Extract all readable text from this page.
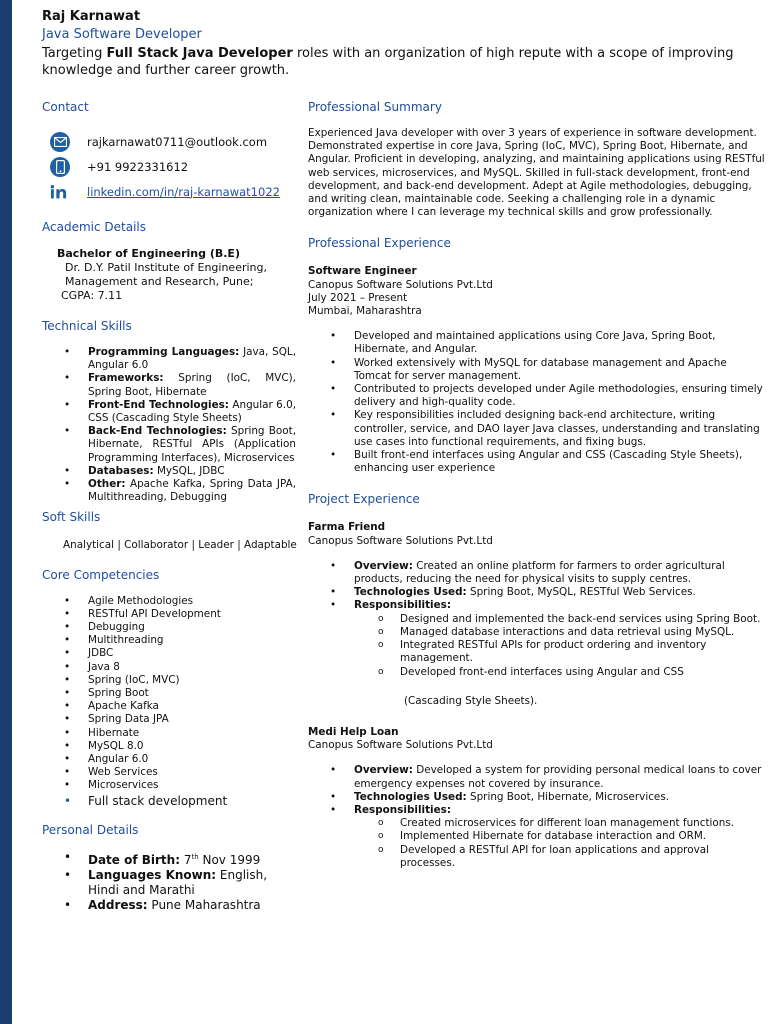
Raj Karnawat
Java Software Developer
Targeting Full Stack Java Developer roles with an organization of high repute with a scope of improving knowledge and further career growth.
Contact
rajkarnawat0711@outlook.com
+91 9922331612
linkedin.com/in/raj-karnawat1022
Academic Details
Bachelor of Engineering (B.E)
Dr. D.Y. Patil Institute of Engineering,
Management and Research, Pune;
CGPA: 7.11
Technical Skills
• Programming Languages: Java, SQL, Angular 6.0
• Frameworks: Spring (IoC, MVC), Spring Boot, Hibernate
• Front-End Technologies: Angular 6.0, CSS (Cascading Style Sheets)
• Back-End Technologies: Spring Boot, Hibernate, RESTful APIs (Application Programming Interfaces), Microservices
• Databases: MySQL, JDBC
• Other: Apache Kafka, Spring Data JPA, Multithreading, Debugging
Soft Skills
Analytical | Collaborator | Leader | Adaptable
Core Competencies
• Agile Methodologies
• RESTful API Development
• Debugging
• Multithreading
• JDBC
• Java 8
• Spring (IoC, MVC)
• Spring Boot
• Apache Kafka
• Spring Data JPA
• Hibernate
• MySQL 8.0
• Angular 6.0
• Web Services
• Microservices
• Full stack development
Personal Details
• Date of Birth: 7th Nov 1999
• Languages Known: English, Hindi and Marathi
• Address: Pune Maharashtra
Professional Summary
Experienced Java developer with over 3 years of experience in software development. Demonstrated expertise in core Java, Spring (IoC, MVC), Spring Boot, Hibernate, and Angular. Proficient in developing, analyzing, and maintaining applications using RESTful web services, microservices, and MySQL. Skilled in full-stack development, front-end development, and back-end development. Adept at Agile methodologies, debugging, and writing clean, maintainable code. Seeking a challenging role in a dynamic organization where I can leverage my technical skills and grow professionally.
Professional Experience
Software Engineer
Canopus Software Solutions Pvt.Ltd
July 2021 – Present
Mumbai, Maharashtra
• Developed and maintained applications using Core Java, Spring Boot, Hibernate, and Angular.
• Worked extensively with MySQL for database management and Apache Tomcat for server management.
• Contributed to projects developed under Agile methodologies, ensuring timely delivery and high-quality code.
• Key responsibilities included designing back-end architecture, writing controller, service, and DAO layer Java classes, understanding and translating use cases into functional requirements, and fixing bugs.
• Built front-end interfaces using Angular and CSS (Cascading Style Sheets), enhancing user experience
Project Experience
Farma Friend
Canopus Software Solutions Pvt.Ltd
• Overview: Created an online platform for farmers to order agricultural products, reducing the need for physical visits to supply centres.
• Technologies Used: Spring Boot, MySQL, RESTful Web Services.
• Responsibilities:
o Designed and implemented the back-end services using Spring Boot.
o Managed database interactions and data retrieval using MySQL.
o Integrated RESTful APIs for product ordering and inventory management.
o Developed front-end interfaces using Angular and CSS
(Cascading Style Sheets).
Medi Help Loan
Canopus Software Solutions Pvt.Ltd
• Overview: Developed a system for providing personal medical loans to cover emergency expenses not covered by insurance.
• Technologies Used: Spring Boot, Hibernate, Microservices.
• Responsibilities:
o Created microservices for different loan management functions.
o Implemented Hibernate for database interaction and ORM.
o Developed a RESTful API for loan applications and approval processes.
